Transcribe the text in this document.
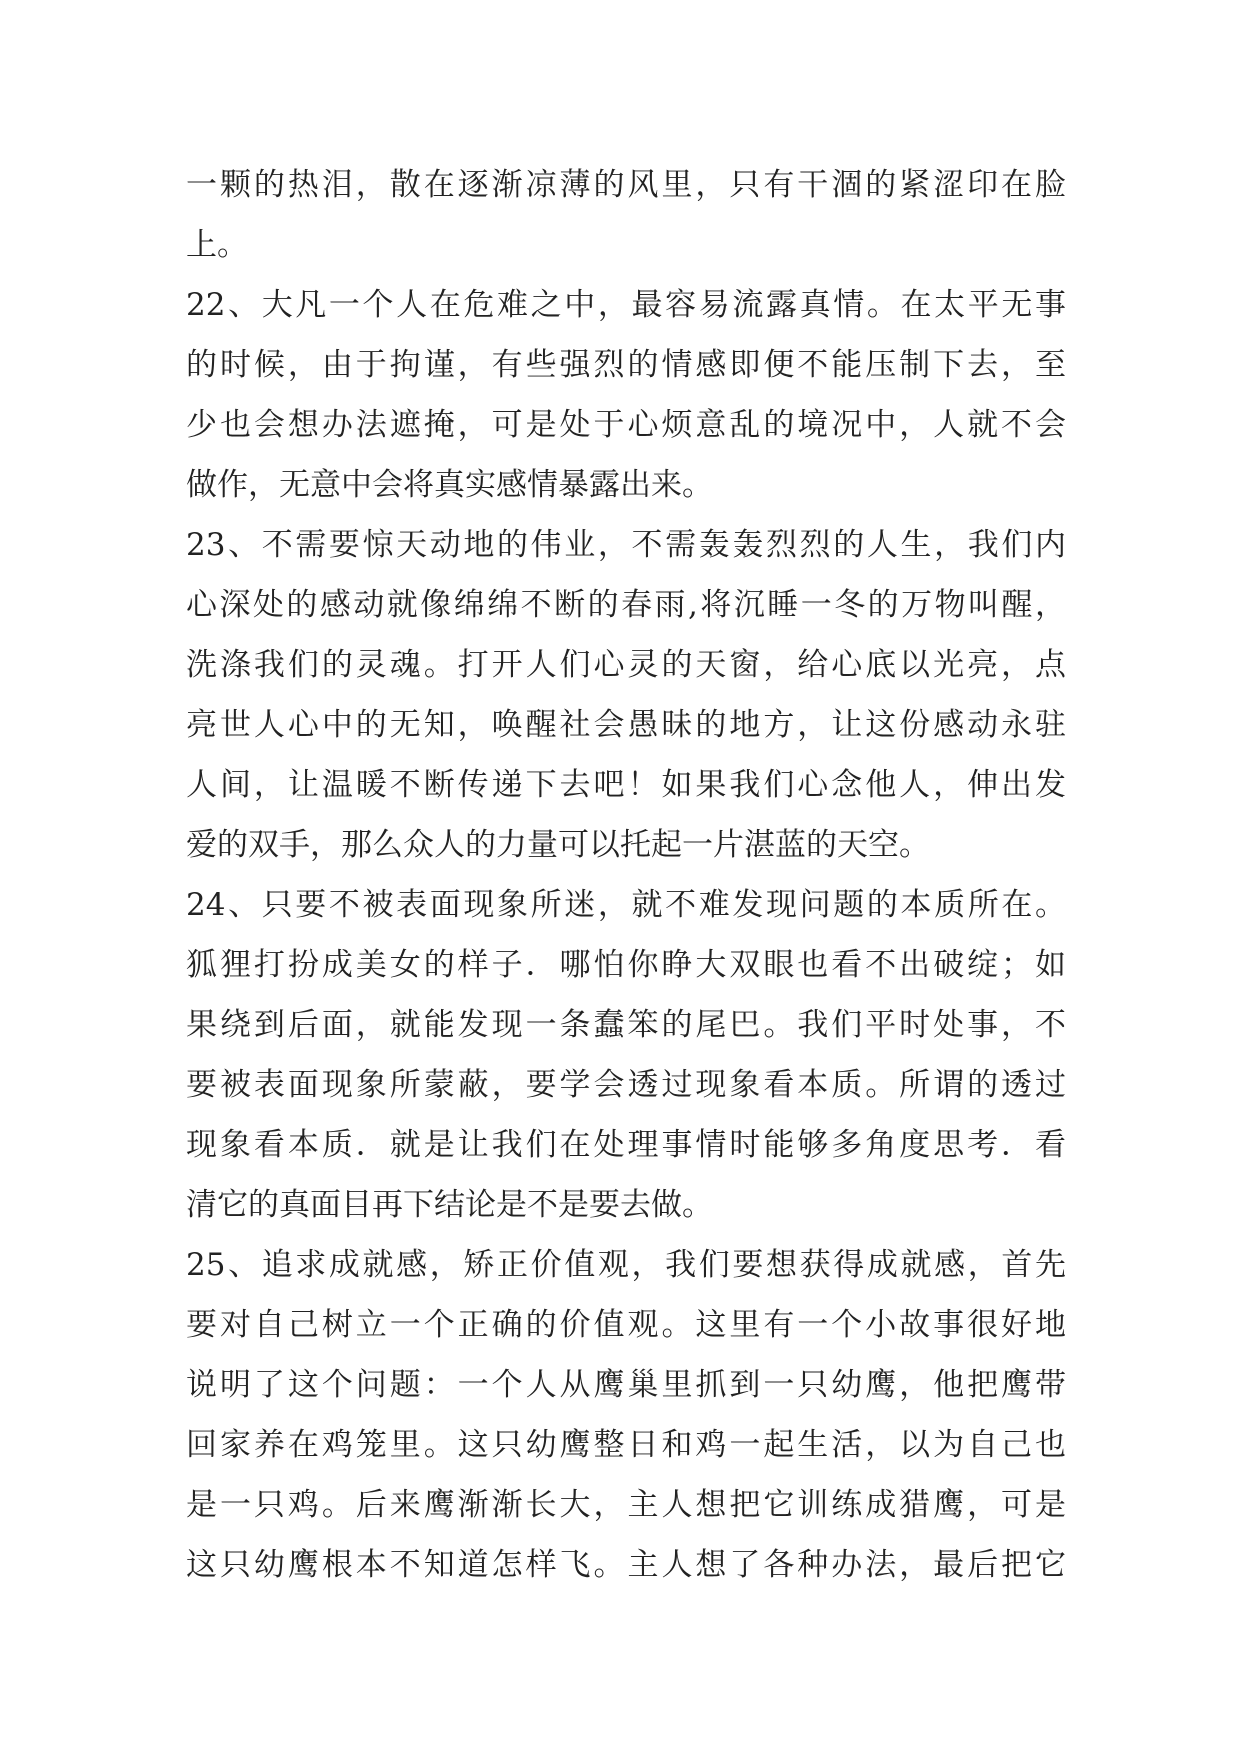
一颗的热泪，散在逐渐凉薄的风里，只有干涸的紧涩印在脸
上。
22、大凡一个人在危难之中，最容易流露真情。在太平无事
的时候，由于拘谨，有些强烈的情感即便不能压制下去，至
少也会想办法遮掩，可是处于心烦意乱的境况中，人就不会
做作，无意中会将真实感情暴露出来。
23、不需要惊天动地的伟业，不需轰轰烈烈的人生，我们内
心深处的感动就像绵绵不断的春雨,将沉睡一冬的万物叫醒，
洗涤我们的灵魂。打开人们心灵的天窗，给心底以光亮，点
亮世人心中的无知，唤醒社会愚昧的地方，让这份感动永驻
人间，让温暖不断传递下去吧！如果我们心念他人，伸出发
爱的双手，那么众人的力量可以托起一片湛蓝的天空。
24、只要不被表面现象所迷，就不难发现问题的本质所在。
狐狸打扮成美女的样子．哪怕你睁大双眼也看不出破绽；如
果绕到后面，就能发现一条蠢笨的尾巴。我们平时处事，不
要被表面现象所蒙蔽，要学会透过现象看本质。所谓的透过
现象看本质．就是让我们在处理事情时能够多角度思考．看
清它的真面目再下结论是不是要去做。
25、追求成就感，矫正价值观，我们要想获得成就感，首先
要对自己树立一个正确的价值观。这里有一个小故事很好地
说明了这个问题：一个人从鹰巢里抓到一只幼鹰，他把鹰带
回家养在鸡笼里。这只幼鹰整日和鸡一起生活，以为自己也
是一只鸡。后来鹰渐渐长大，主人想把它训练成猎鹰，可是
这只幼鹰根本不知道怎样飞。主人想了各种办法，最后把它
